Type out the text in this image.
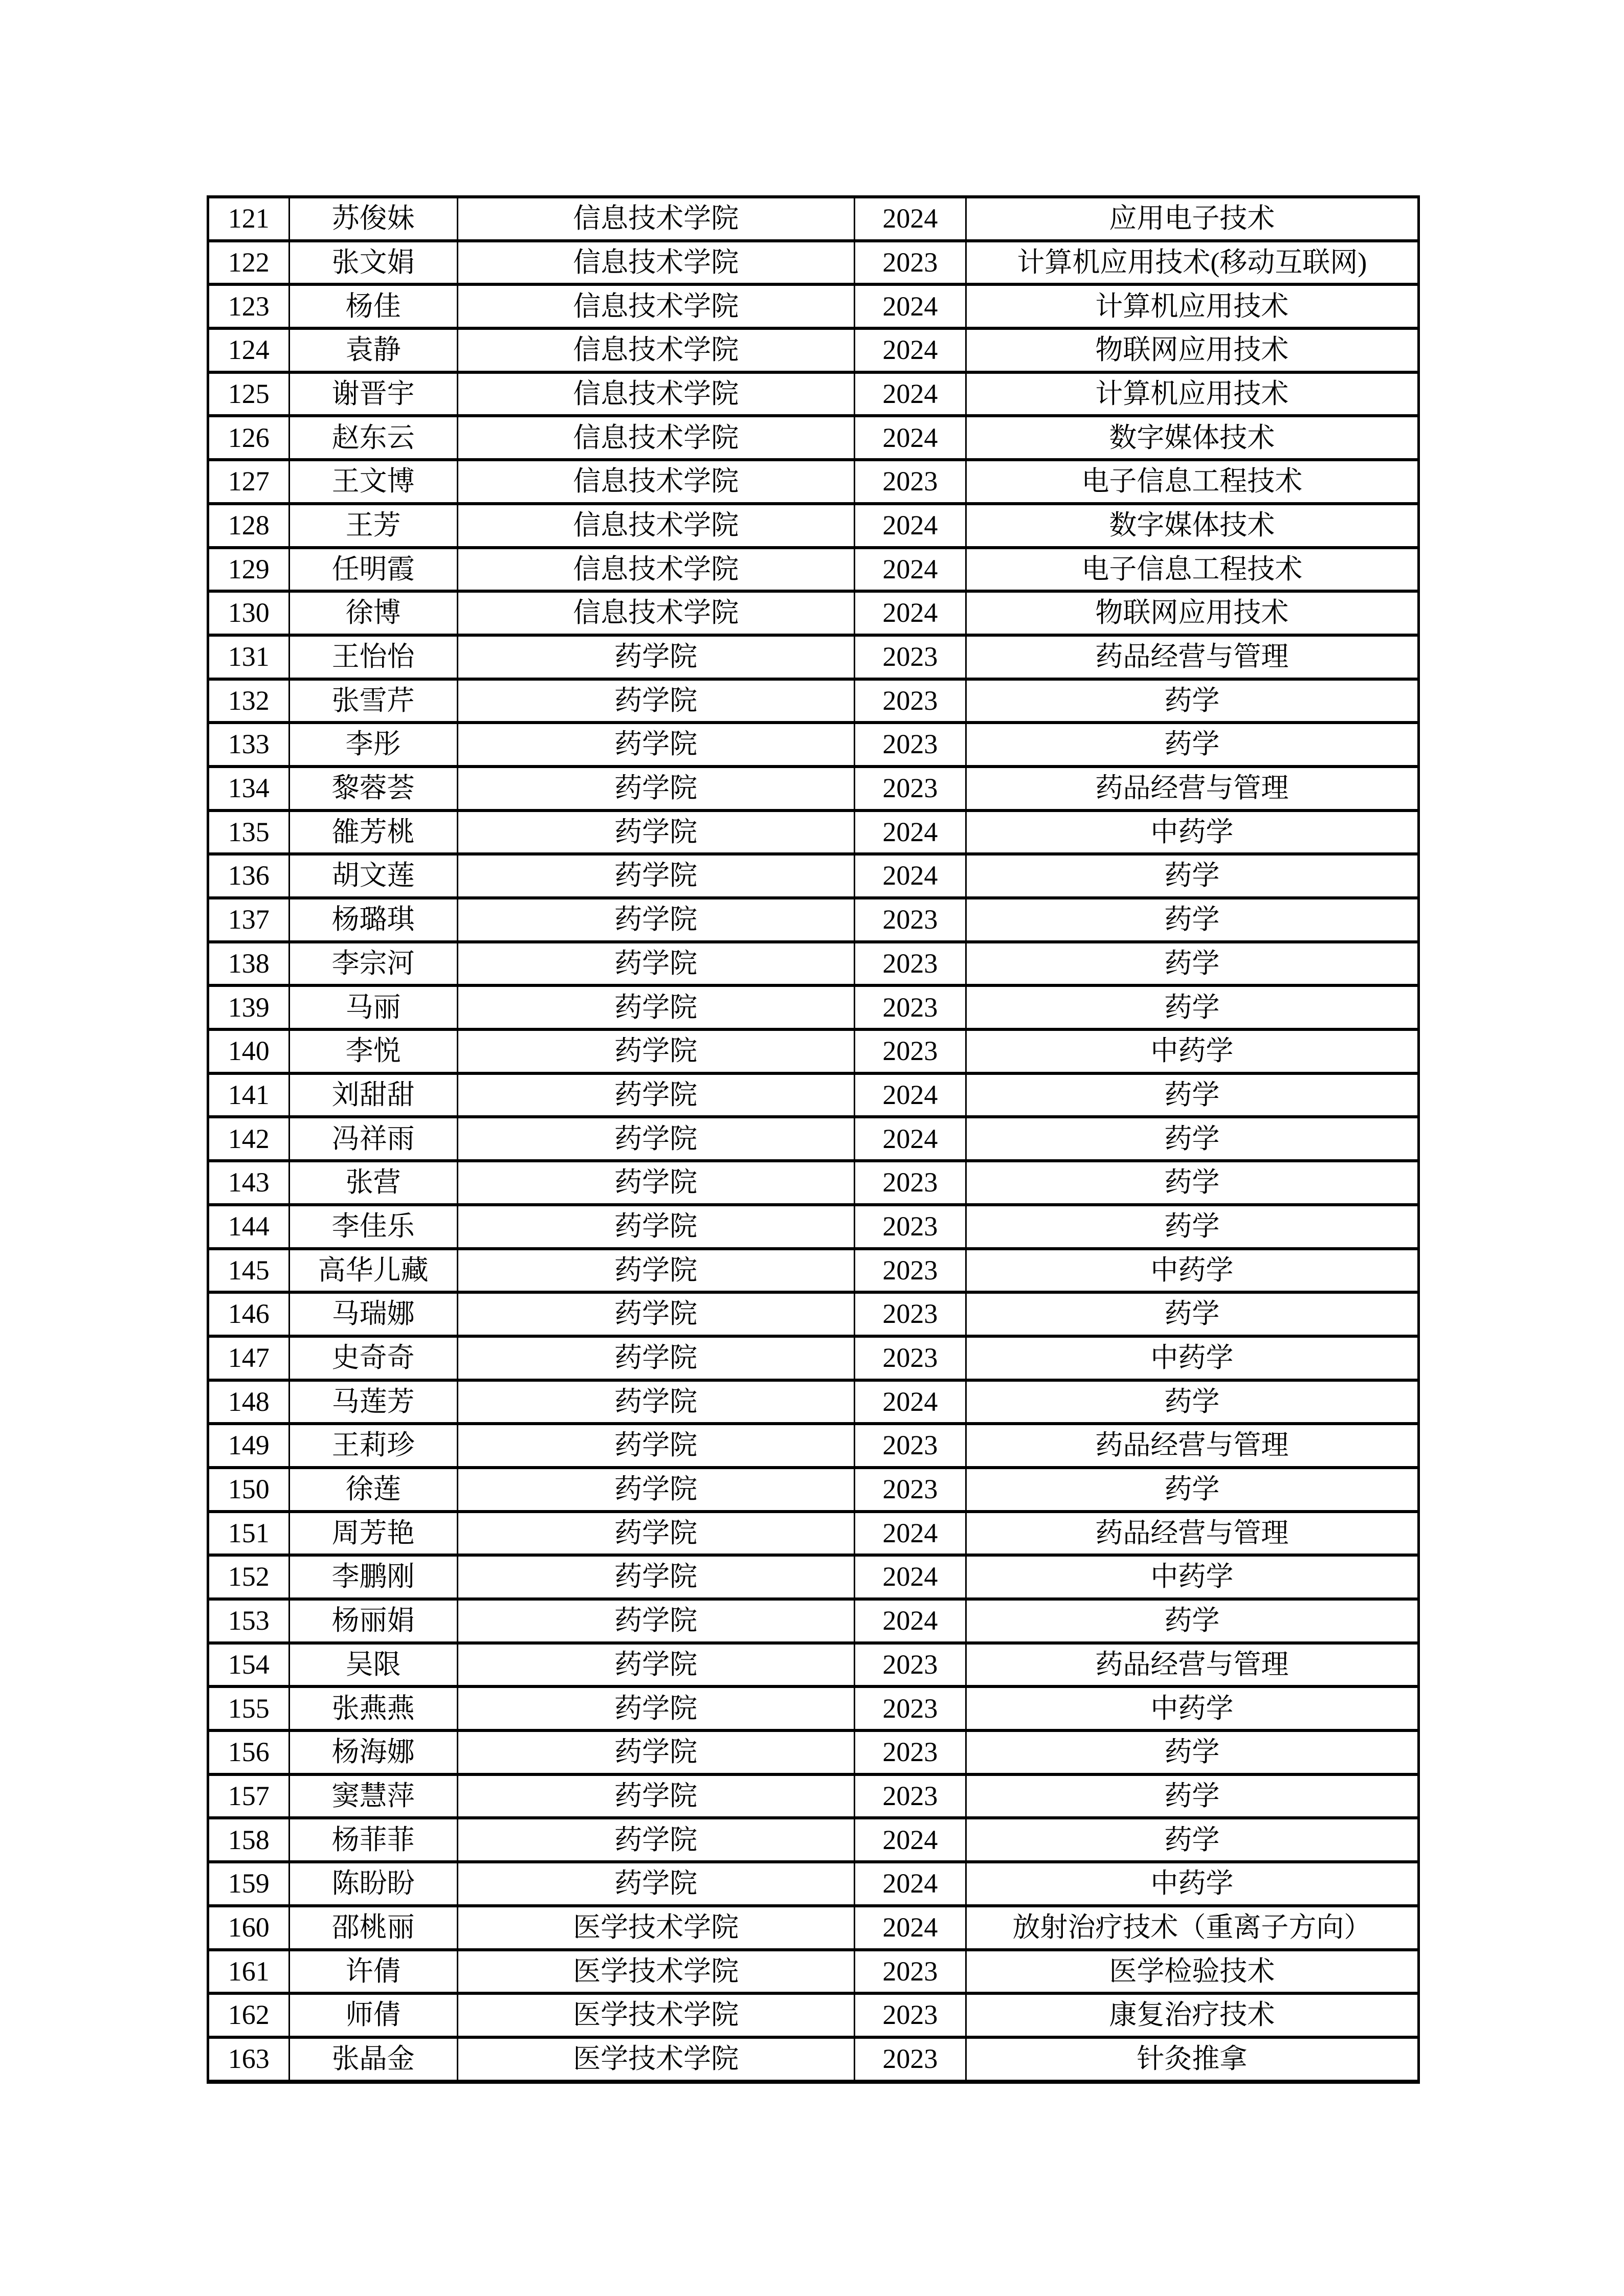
121	苏俊妹	信息技术学院	2024	应用电子技术
122	张文娟	信息技术学院	2023	计算机应用技术(移动互联网)
123	杨佳	信息技术学院	2024	计算机应用技术
124	袁静	信息技术学院	2024	物联网应用技术
125	谢晋宇	信息技术学院	2024	计算机应用技术
126	赵东云	信息技术学院	2024	数字媒体技术
127	王文博	信息技术学院	2023	电子信息工程技术
128	王芳	信息技术学院	2024	数字媒体技术
129	任明霞	信息技术学院	2024	电子信息工程技术
130	徐博	信息技术学院	2024	物联网应用技术
131	王怡怡	药学院	2023	药品经营与管理
132	张雪芹	药学院	2023	药学
133	李彤	药学院	2023	药学
134	黎蓉荟	药学院	2023	药品经营与管理
135	雒芳桃	药学院	2024	中药学
136	胡文莲	药学院	2024	药学
137	杨璐琪	药学院	2023	药学
138	李宗河	药学院	2023	药学
139	马丽	药学院	2023	药学
140	李悦	药学院	2023	中药学
141	刘甜甜	药学院	2024	药学
142	冯祥雨	药学院	2024	药学
143	张营	药学院	2023	药学
144	李佳乐	药学院	2023	药学
145	高华儿藏	药学院	2023	中药学
146	马瑞娜	药学院	2023	药学
147	史奇奇	药学院	2023	中药学
148	马莲芳	药学院	2024	药学
149	王莉珍	药学院	2023	药品经营与管理
150	徐莲	药学院	2023	药学
151	周芳艳	药学院	2024	药品经营与管理
152	李鹏刚	药学院	2024	中药学
153	杨丽娟	药学院	2024	药学
154	吴限	药学院	2023	药品经营与管理
155	张燕燕	药学院	2023	中药学
156	杨海娜	药学院	2023	药学
157	窦慧萍	药学院	2023	药学
158	杨菲菲	药学院	2024	药学
159	陈盼盼	药学院	2024	中药学
160	邵桃丽	医学技术学院	2024	放射治疗技术（重离子方向）
161	许倩	医学技术学院	2023	医学检验技术
162	师倩	医学技术学院	2023	康复治疗技术
163	张晶金	医学技术学院	2023	针灸推拿
